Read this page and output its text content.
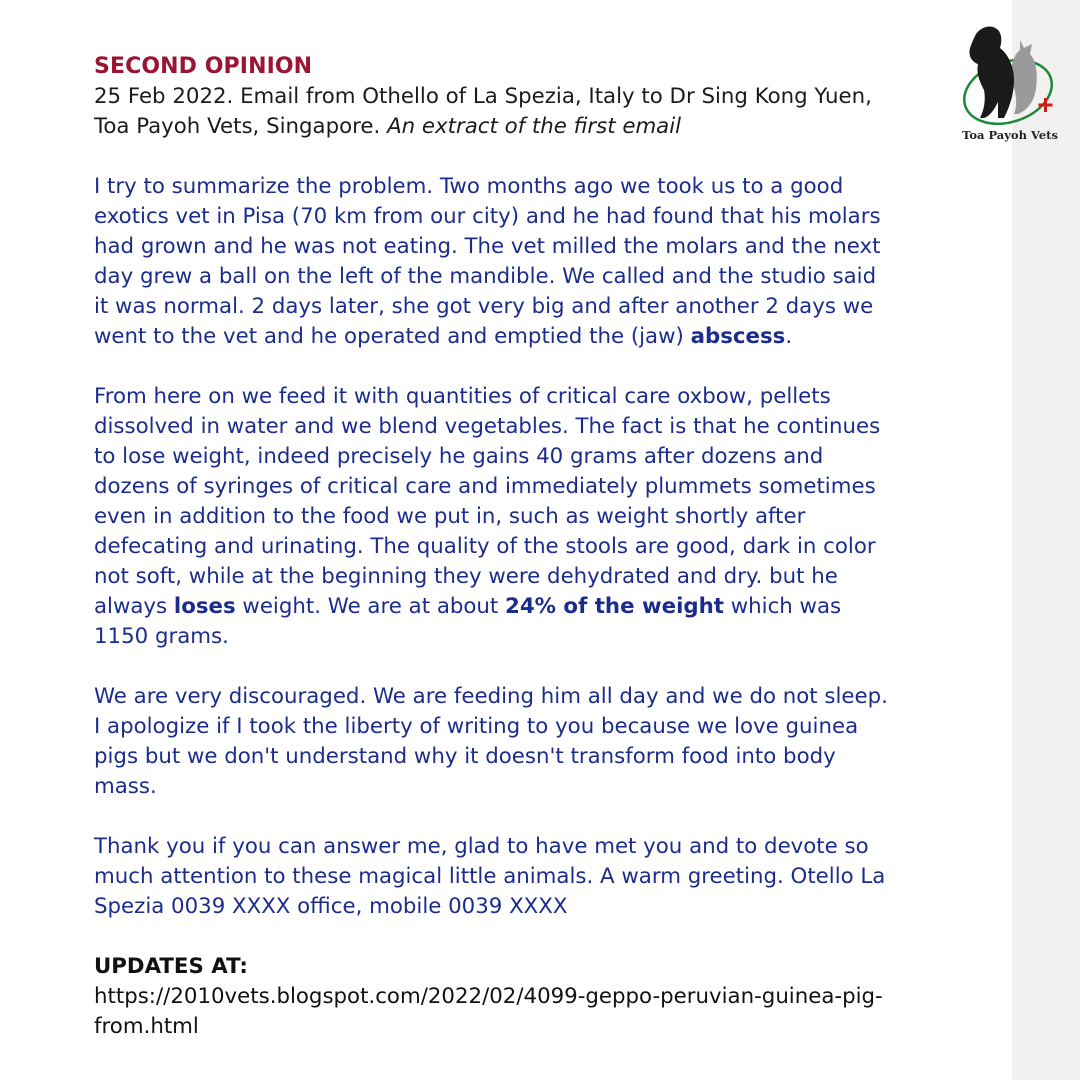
Toa Payoh Vets
SECOND OPINION
25 Feb 2022. Email from Othello of La Spezia, Italy to Dr Sing Kong Yuen, Toa Payoh Vets, Singapore. An extract of the first email
I try to summarize the problem. Two months ago we took us to a good exotics vet in Pisa (70 km from our city) and he had found that his molars had grown and he was not eating. The vet milled the molars and the next day grew a ball on the left of the mandible. We called and the studio said it was normal. 2 days later, she got very big and after another 2 days we went to the vet and he operated and emptied the (jaw) abscess.
From here on we feed it with quantities of critical care oxbow, pellets dissolved in water and we blend vegetables. The fact is that he continues to lose weight, indeed precisely he gains 40 grams after dozens and dozens of syringes of critical care and immediately plummets sometimes even in addition to the food we put in, such as weight shortly after defecating and urinating. The quality of the stools are good, dark in color not soft, while at the beginning they were dehydrated and dry. but he always loses weight. We are at about 24% of the weight which was 1150 grams.
We are very discouraged. We are feeding him all day and we do not sleep. I apologize if I took the liberty of writing to you because we love guinea pigs but we don't understand why it doesn't transform food into body mass.
Thank you if you can answer me, glad to have met you and to devote so much attention to these magical little animals. A warm greeting. Otello La Spezia 0039 XXXX office, mobile 0039 XXXX
UPDATES AT:
https://2010vets.blogspot.com/2022/02/4099-geppo-peruvian-guinea-pig-from.html
